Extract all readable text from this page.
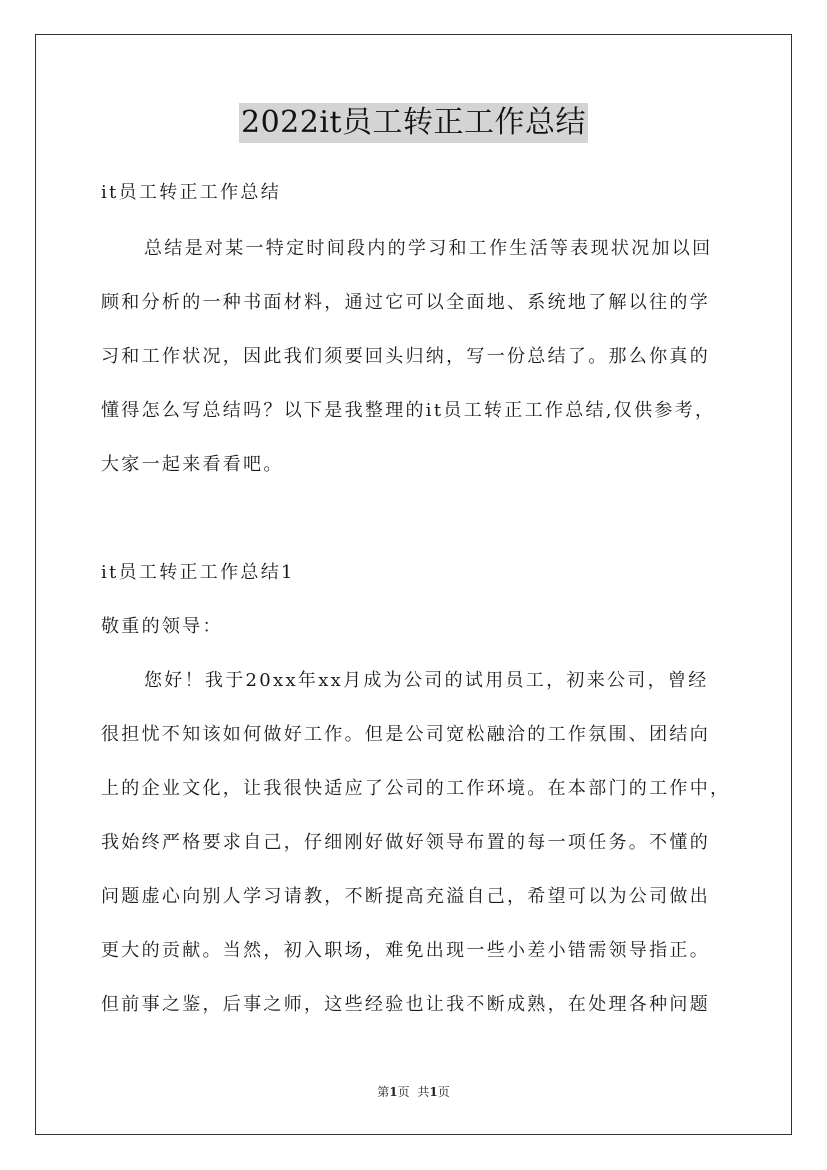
2022it员工转正工作总结
it员工转正工作总结
总结是对某一特定时间段内的学习和工作生活等表现状况加以回
顾和分析的一种书面材料，通过它可以全面地、系统地了解以往的学
习和工作状况，因此我们须要回头归纳，写一份总结了。那么你真的
懂得怎么写总结吗？以下是我整理的it员工转正工作总结,仅供参考，
大家一起来看看吧。
it员工转正工作总结1
敬重的领导：
您好！我于20xx年xx月成为公司的试用员工，初来公司，曾经
很担忧不知该如何做好工作。但是公司宽松融洽的工作氛围、团结向
上的企业文化，让我很快适应了公司的工作环境。在本部门的工作中，
我始终严格要求自己，仔细刚好做好领导布置的每一项任务。不懂的
问题虚心向别人学习请教，不断提高充溢自己，希望可以为公司做出
更大的贡献。当然，初入职场，难免出现一些小差小错需领导指正。
但前事之鉴，后事之师，这些经验也让我不断成熟，在处理各种问题
第1页 共1页
